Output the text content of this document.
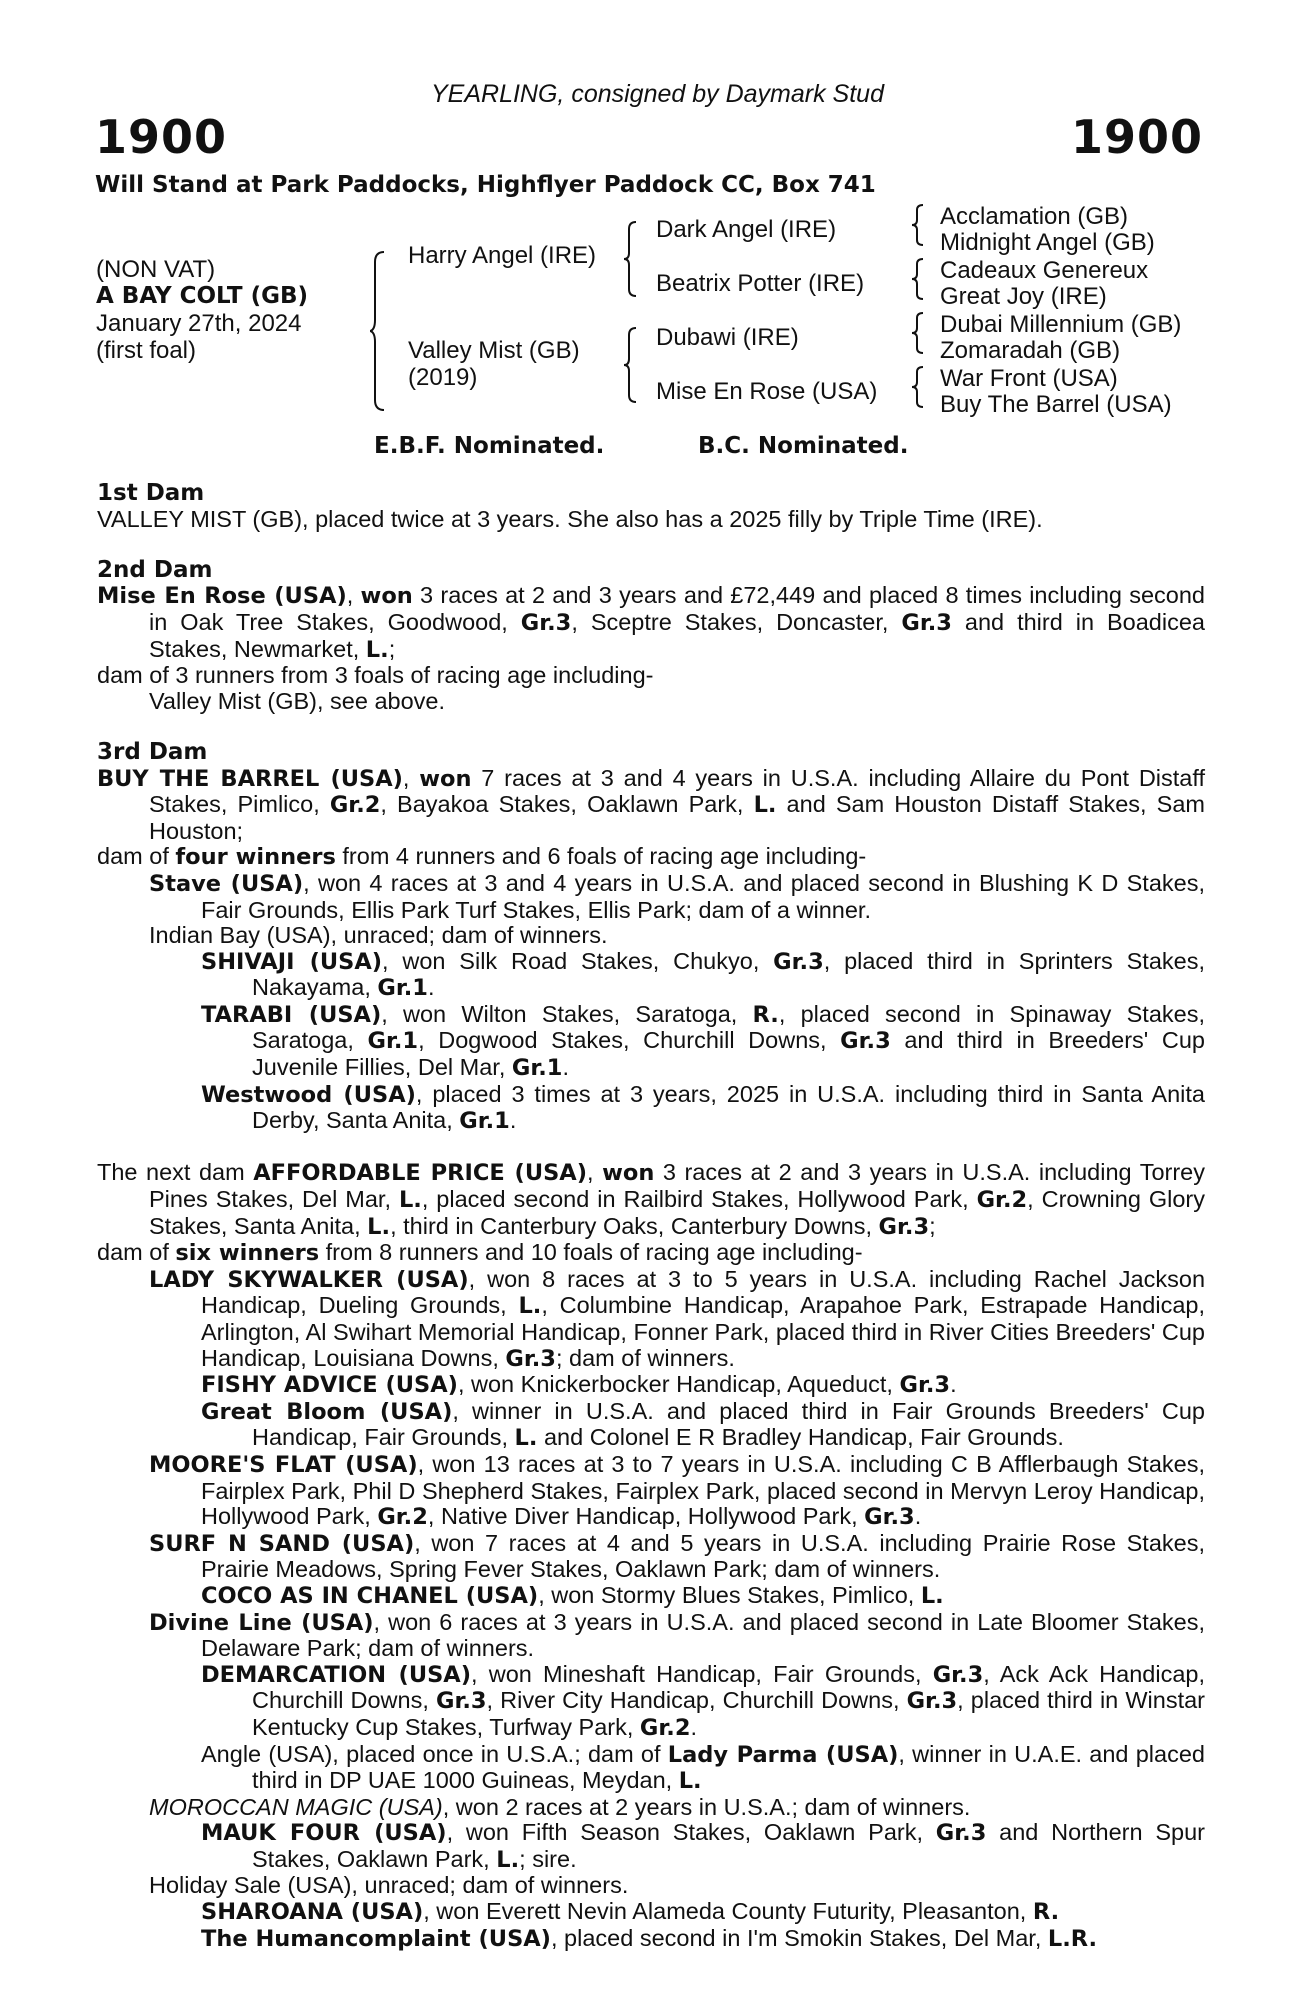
YEARLING, consigned by Daymark Stud
1900	1900
Will Stand at Park Paddocks, Highflyer Paddock CC, Box 741
(NON VAT)
A BAY COLT (GB)
January 27th, 2024
(first foal)
Harry Angel (IRE)
Valley Mist (GB)
(2019)
Dark Angel (IRE)
Beatrix Potter (IRE)
Dubawi (IRE)
Mise En Rose (USA)
Acclamation (GB)
Midnight Angel (GB)
Cadeaux Genereux
Great Joy (IRE)
Dubai Millennium (GB)
Zomaradah (GB)
War Front (USA)
Buy The Barrel (USA)
E.B.F. Nominated.	B.C. Nominated.
1st Dam
VALLEY MIST (GB), placed twice at 3 years. She also has a 2025 filly by Triple Time (IRE).
2nd Dam
Mise En Rose (USA), won 3 races at 2 and 3 years and £72,449 and placed 8 times including second in Oak Tree Stakes, Goodwood, Gr.3, Sceptre Stakes, Doncaster, Gr.3 and third in Boadicea Stakes, Newmarket, L.;
dam of 3 runners from 3 foals of racing age including-
Valley Mist (GB), see above.
3rd Dam
BUY THE BARREL (USA), won 7 races at 3 and 4 years in U.S.A. including Allaire du Pont Distaff Stakes, Pimlico, Gr.2, Bayakoa Stakes, Oaklawn Park, L. and Sam Houston Distaff Stakes, Sam Houston;
dam of four winners from 4 runners and 6 foals of racing age including-
Stave (USA), won 4 races at 3 and 4 years in U.S.A. and placed second in Blushing K D Stakes, Fair Grounds, Ellis Park Turf Stakes, Ellis Park; dam of a winner.
Indian Bay (USA), unraced; dam of winners.
SHIVAJI (USA), won Silk Road Stakes, Chukyo, Gr.3, placed third in Sprinters Stakes, Nakayama, Gr.1.
TARABI (USA), won Wilton Stakes, Saratoga, R., placed second in Spinaway Stakes, Saratoga, Gr.1, Dogwood Stakes, Churchill Downs, Gr.3 and third in Breeders' Cup Juvenile Fillies, Del Mar, Gr.1.
Westwood (USA), placed 3 times at 3 years, 2025 in U.S.A. including third in Santa Anita Derby, Santa Anita, Gr.1.
The next dam AFFORDABLE PRICE (USA), won 3 races at 2 and 3 years in U.S.A. including Torrey Pines Stakes, Del Mar, L., placed second in Railbird Stakes, Hollywood Park, Gr.2, Crowning Glory Stakes, Santa Anita, L., third in Canterbury Oaks, Canterbury Downs, Gr.3;
dam of six winners from 8 runners and 10 foals of racing age including-
LADY SKYWALKER (USA), won 8 races at 3 to 5 years in U.S.A. including Rachel Jackson Handicap, Dueling Grounds, L., Columbine Handicap, Arapahoe Park, Estrapade Handicap, Arlington, Al Swihart Memorial Handicap, Fonner Park, placed third in River Cities Breeders' Cup Handicap, Louisiana Downs, Gr.3; dam of winners.
FISHY ADVICE (USA), won Knickerbocker Handicap, Aqueduct, Gr.3.
Great Bloom (USA), winner in U.S.A. and placed third in Fair Grounds Breeders' Cup Handicap, Fair Grounds, L. and Colonel E R Bradley Handicap, Fair Grounds.
MOORE'S FLAT (USA), won 13 races at 3 to 7 years in U.S.A. including C B Afflerbaugh Stakes, Fairplex Park, Phil D Shepherd Stakes, Fairplex Park, placed second in Mervyn Leroy Handicap, Hollywood Park, Gr.2, Native Diver Handicap, Hollywood Park, Gr.3.
SURF N SAND (USA), won 7 races at 4 and 5 years in U.S.A. including Prairie Rose Stakes, Prairie Meadows, Spring Fever Stakes, Oaklawn Park; dam of winners.
COCO AS IN CHANEL (USA), won Stormy Blues Stakes, Pimlico, L.
Divine Line (USA), won 6 races at 3 years in U.S.A. and placed second in Late Bloomer Stakes, Delaware Park; dam of winners.
DEMARCATION (USA), won Mineshaft Handicap, Fair Grounds, Gr.3, Ack Ack Handicap, Churchill Downs, Gr.3, River City Handicap, Churchill Downs, Gr.3, placed third in Winstar Kentucky Cup Stakes, Turfway Park, Gr.2.
Angle (USA), placed once in U.S.A.; dam of Lady Parma (USA), winner in U.A.E. and placed third in DP UAE 1000 Guineas, Meydan, L.
MOROCCAN MAGIC (USA), won 2 races at 2 years in U.S.A.; dam of winners.
MAUK FOUR (USA), won Fifth Season Stakes, Oaklawn Park, Gr.3 and Northern Spur Stakes, Oaklawn Park, L.; sire.
Holiday Sale (USA), unraced; dam of winners.
SHAROANA (USA), won Everett Nevin Alameda County Futurity, Pleasanton, R.
The Humancomplaint (USA), placed second in I'm Smokin Stakes, Del Mar, L.R.
